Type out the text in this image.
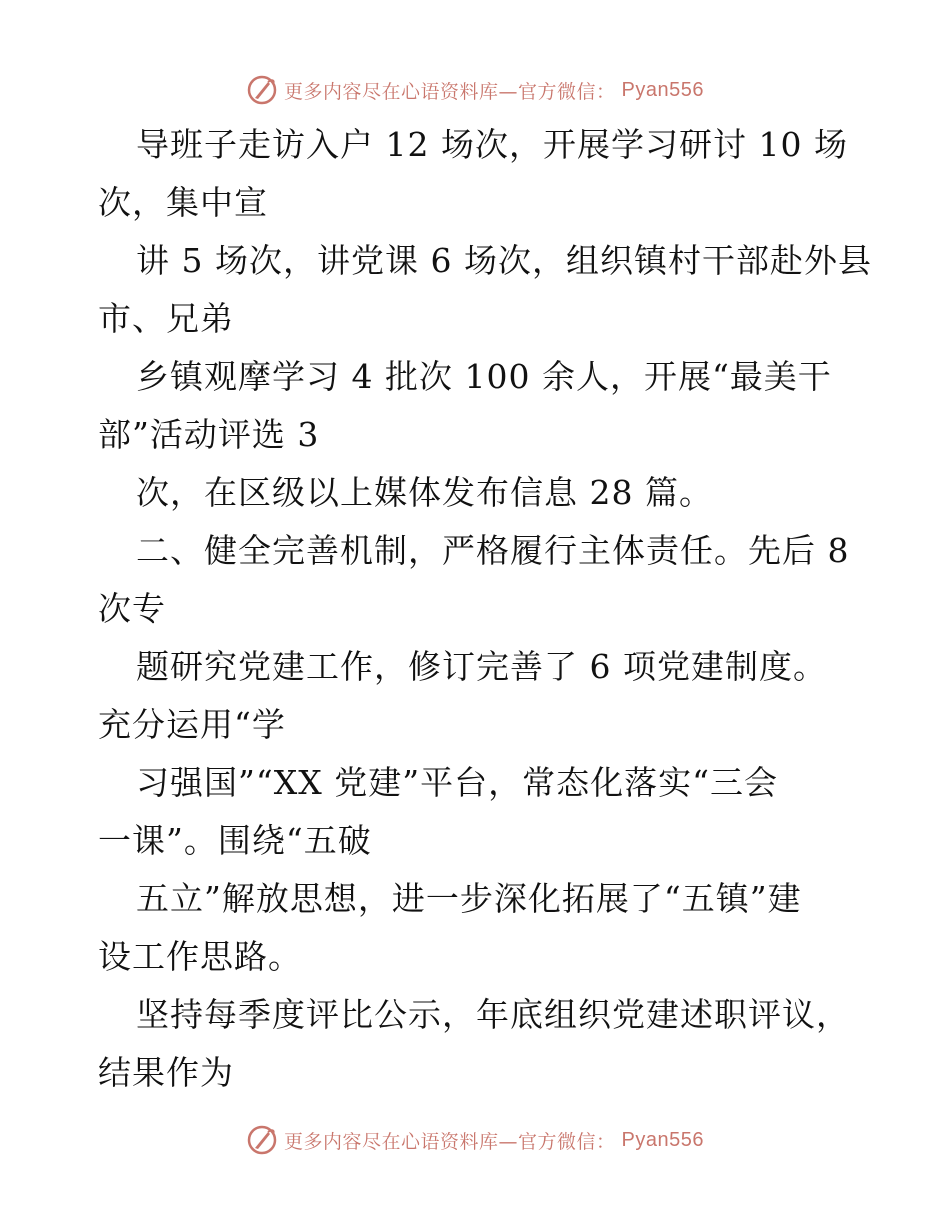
更多内容尽在心语资料库—官方微信： Pyan556
导班子走访入户 12 场次，开展学习研讨 10 场
次，集中宣
讲 5 场次，讲党课 6 场次，组织镇村干部赴外县
市、兄弟
乡镇观摩学习 4 批次 100 余人，开展“最美干
部”活动评选 3
次，在区级以上媒体发布信息 28 篇。
二、健全完善机制，严格履行主体责任。先后 8
次专
题研究党建工作，修订完善了 6 项党建制度。
充分运用“学
习强国”“XX 党建”平台，常态化落实“三会
一课”。围绕“五破
五立”解放思想，进一步深化拓展了“五镇”建
设工作思路。
坚持每季度评比公示，年底组织党建述职评议，
结果作为
更多内容尽在心语资料库—官方微信： Pyan556
